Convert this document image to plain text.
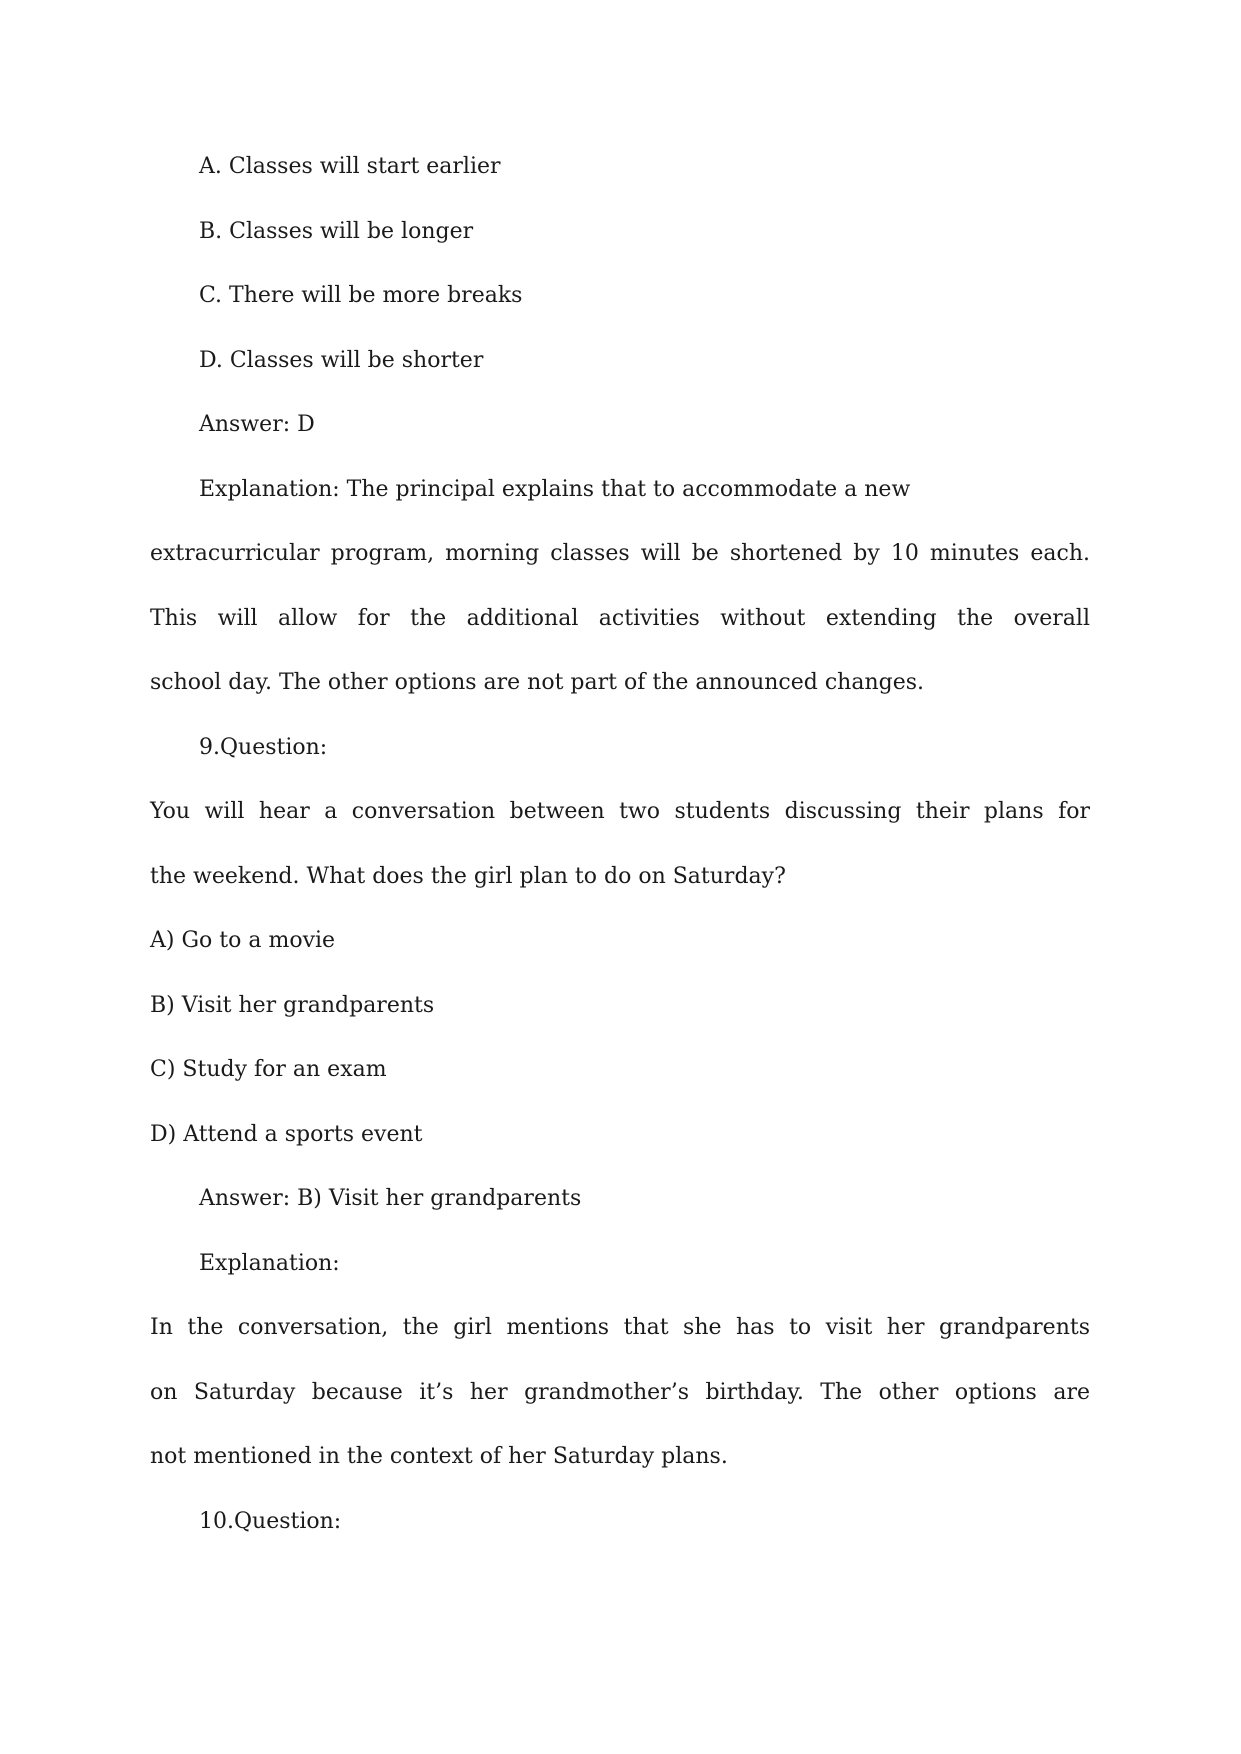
A. Classes will start earlier

B. Classes will be longer

C. There will be more breaks

D. Classes will be shorter

Answer: D

Explanation: The principal explains that to accommodate a new

extracurricular program, morning classes will be shortened by 10 minutes each.

This will allow for the additional activities without extending the overall

school day. The other options are not part of the announced changes.

9.Question:

You will hear a conversation between two students discussing their plans for

the weekend. What does the girl plan to do on Saturday?

A) Go to a movie

B) Visit her grandparents

C) Study for an exam

D) Attend a sports event

Answer: B) Visit her grandparents

Explanation:

In the conversation, the girl mentions that she has to visit her grandparents

on Saturday because it’s her grandmother’s birthday. The other options are

not mentioned in the context of her Saturday plans.

10.Question:
